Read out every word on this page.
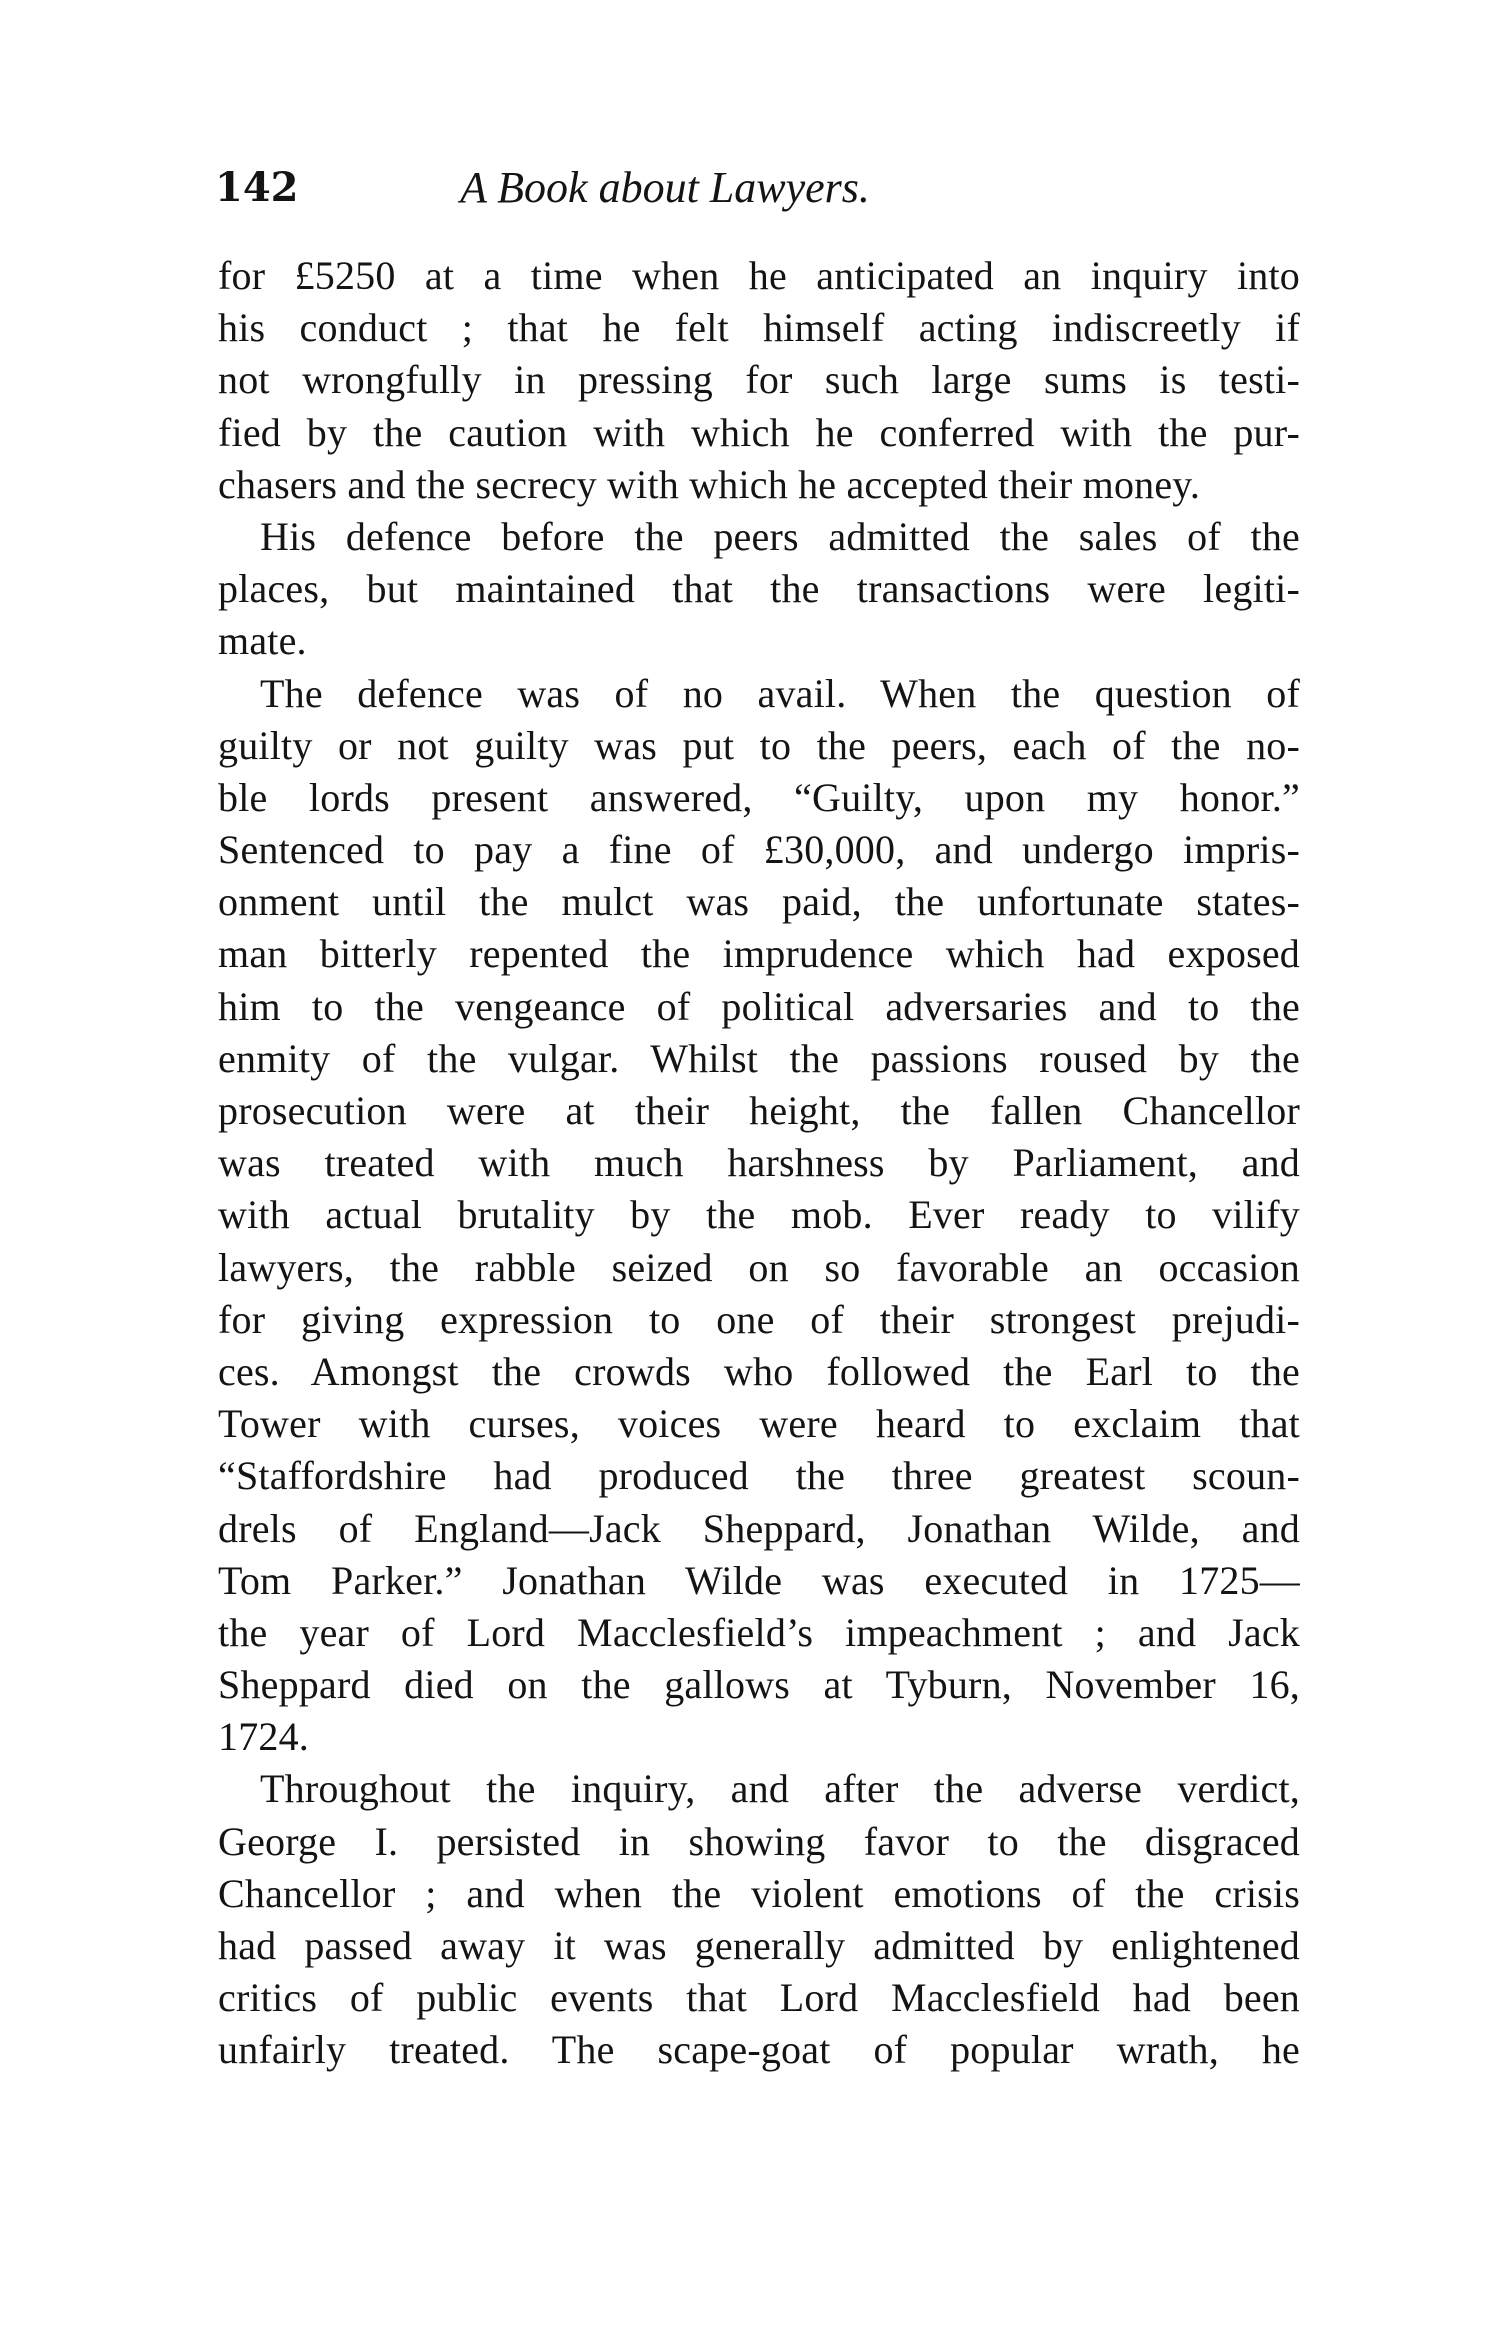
142	A Book about Lawyers.
for £5250 at a time when he anticipated an inquiry into
his conduct ; that he felt himself acting indiscreetly if
not wrongfully in pressing for such large sums is testi-
fied by the caution with which he conferred with the pur-
chasers and the secrecy with which he accepted their money.
His defence before the peers admitted the sales of the
places, but maintained that the transactions were legiti-
mate.
The defence was of no avail. When the question of
guilty or not guilty was put to the peers, each of the no-
ble lords present answered, “Guilty, upon my honor.”
Sentenced to pay a fine of £30,000, and undergo impris-
onment until the mulct was paid, the unfortunate states-
man bitterly repented the imprudence which had exposed
him to the vengeance of political adversaries and to the
enmity of the vulgar. Whilst the passions roused by the
prosecution were at their height, the fallen Chancellor
was treated with much harshness by Parliament, and
with actual brutality by the mob. Ever ready to vilify
lawyers, the rabble seized on so favorable an occasion
for giving expression to one of their strongest prejudi-
ces. Amongst the crowds who followed the Earl to the
Tower with curses, voices were heard to exclaim that
“Staffordshire had produced the three greatest scoun-
drels of England—Jack Sheppard, Jonathan Wilde, and
Tom Parker.” Jonathan Wilde was executed in 1725—
the year of Lord Macclesfield’s impeachment ; and Jack
Sheppard died on the gallows at Tyburn, November 16,
1724.
Throughout the inquiry, and after the adverse verdict,
George I. persisted in showing favor to the disgraced
Chancellor ; and when the violent emotions of the crisis
had passed away it was generally admitted by enlightened
critics of public events that Lord Macclesfield had been
unfairly treated. The scape-goat of popular wrath, he
